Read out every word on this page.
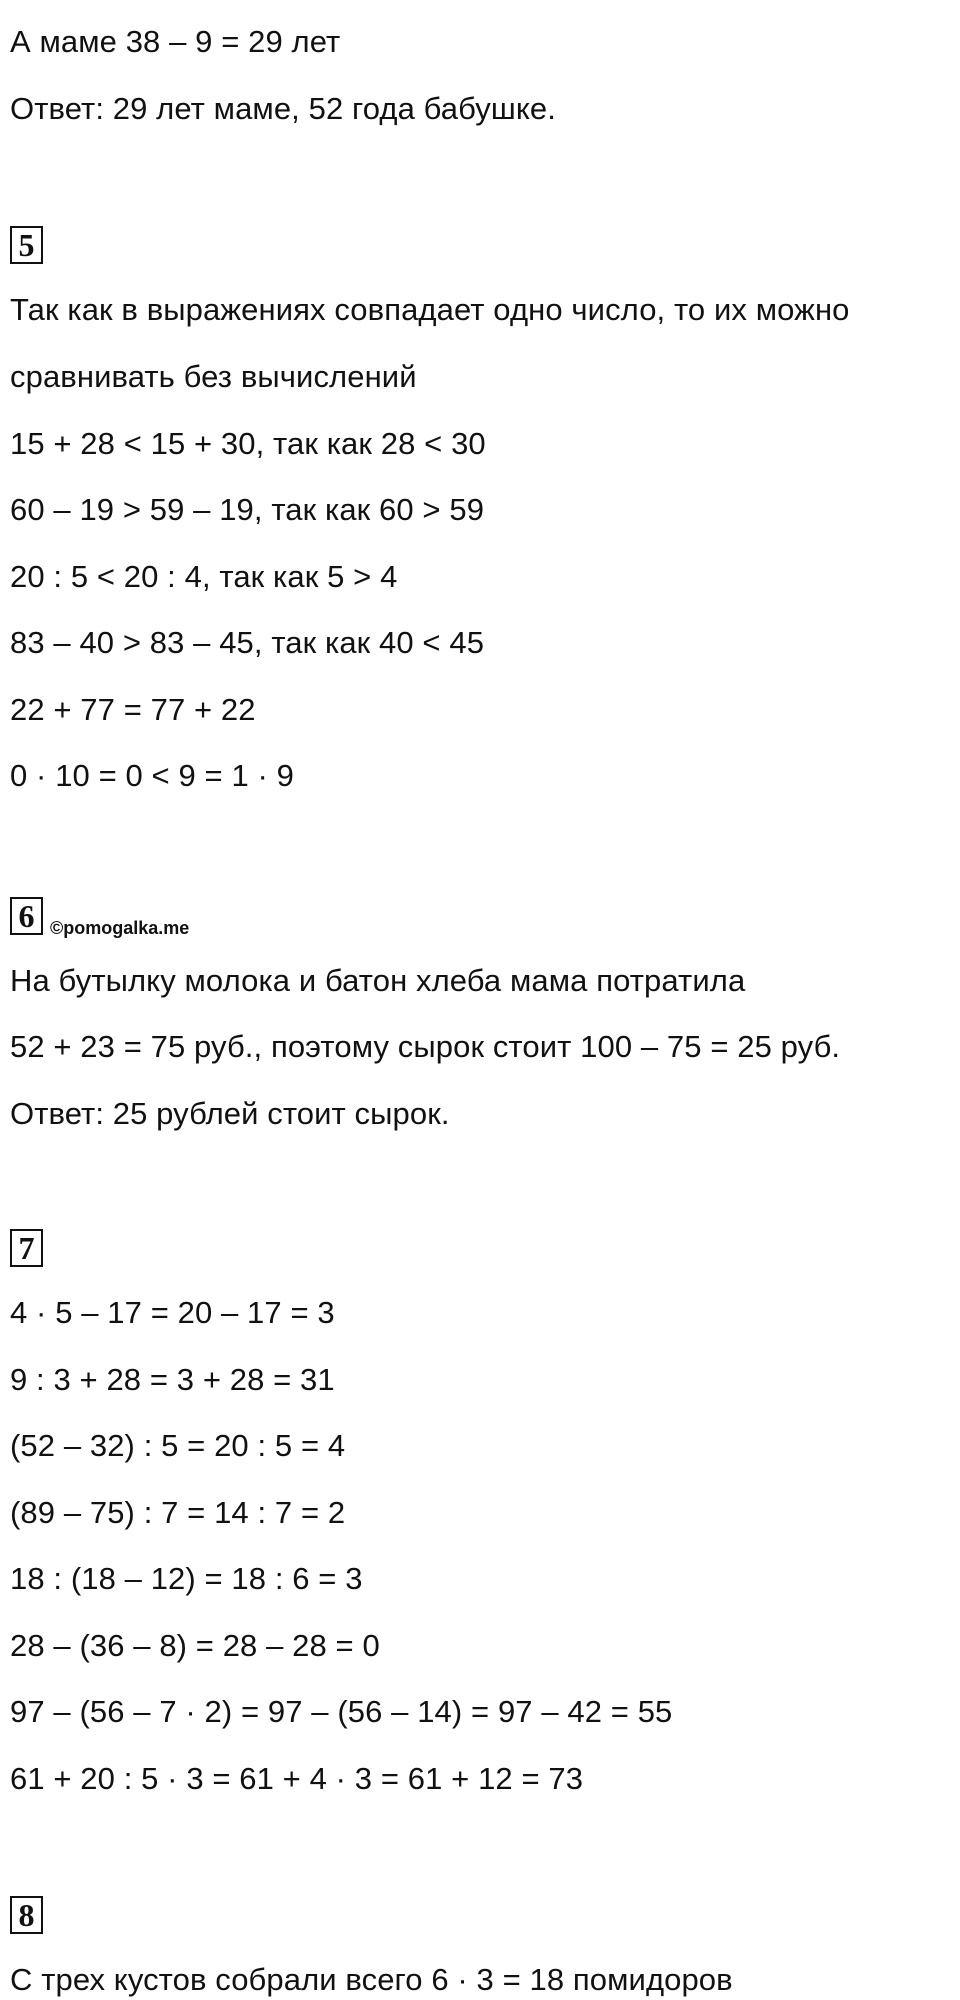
А маме 38 – 9 = 29 лет
Ответ: 29 лет маме, 52 года бабушке.
5
Так как в выражениях совпадает одно число, то их можно
сравнивать без вычислений
15 + 28 < 15 + 30, так как 28 < 30
60 – 19 > 59 – 19, так как 60 > 59
20 : 5 < 20 : 4, так как 5 > 4
83 – 40 > 83 – 45, так как 40 < 45
22 + 77 = 77 + 22
0 · 10 = 0 < 9 = 1 · 9
6 ©pomogalka.me
На бутылку молока и батон хлеба мама потратила
52 + 23 = 75 руб., поэтому сырок стоит 100 – 75 = 25 руб.
Ответ: 25 рублей стоит сырок.
7
4 · 5 – 17 = 20 – 17 = 3
9 : 3 + 28 = 3 + 28 = 31
(52 – 32) : 5 = 20 : 5 = 4
(89 – 75) : 7 = 14 : 7 = 2
18 : (18 – 12) = 18 : 6 = 3
28 – (36 – 8) = 28 – 28 = 0
97 – (56 – 7 · 2) = 97 – (56 – 14) = 97 – 42 = 55
61 + 20 : 5 · 3 = 61 + 4 · 3 = 61 + 12 = 73
8
С трех кустов собрали всего 6 · 3 = 18 помидоров
